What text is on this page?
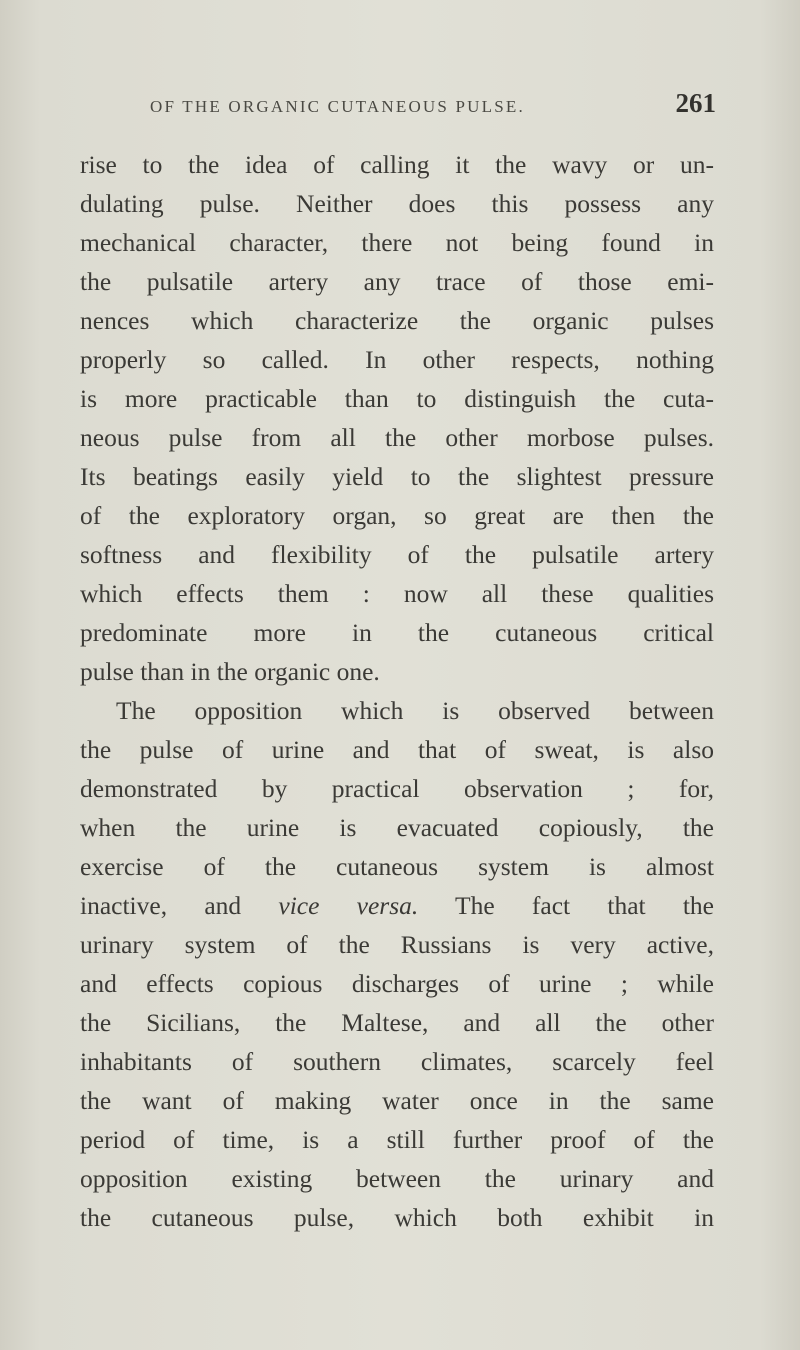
OF THE ORGANIC CUTANEOUS PULSE.	261
rise to the idea of calling it the wavy or un-
dulating pulse. Neither does this possess any
mechanical character, there not being found in
the pulsatile artery any trace of those emi-
nences which characterize the organic pulses
properly so called. In other respects, nothing
is more practicable than to distinguish the cuta-
neous pulse from all the other morbose pulses.
Its beatings easily yield to the slightest pressure
of the exploratory organ, so great are then the
softness and flexibility of the pulsatile artery
which effects them : now all these qualities
predominate more in the cutaneous critical
pulse than in the organic one.
The opposition which is observed between
the pulse of urine and that of sweat, is also
demonstrated by practical observation ; for,
when the urine is evacuated copiously, the
exercise of the cutaneous system is almost
inactive, and vice versa. The fact that the
urinary system of the Russians is very active,
and effects copious discharges of urine ; while
the Sicilians, the Maltese, and all the other
inhabitants of southern climates, scarcely feel
the want of making water once in the same
period of time, is a still further proof of the
opposition existing between the urinary and
the cutaneous pulse, which both exhibit in
